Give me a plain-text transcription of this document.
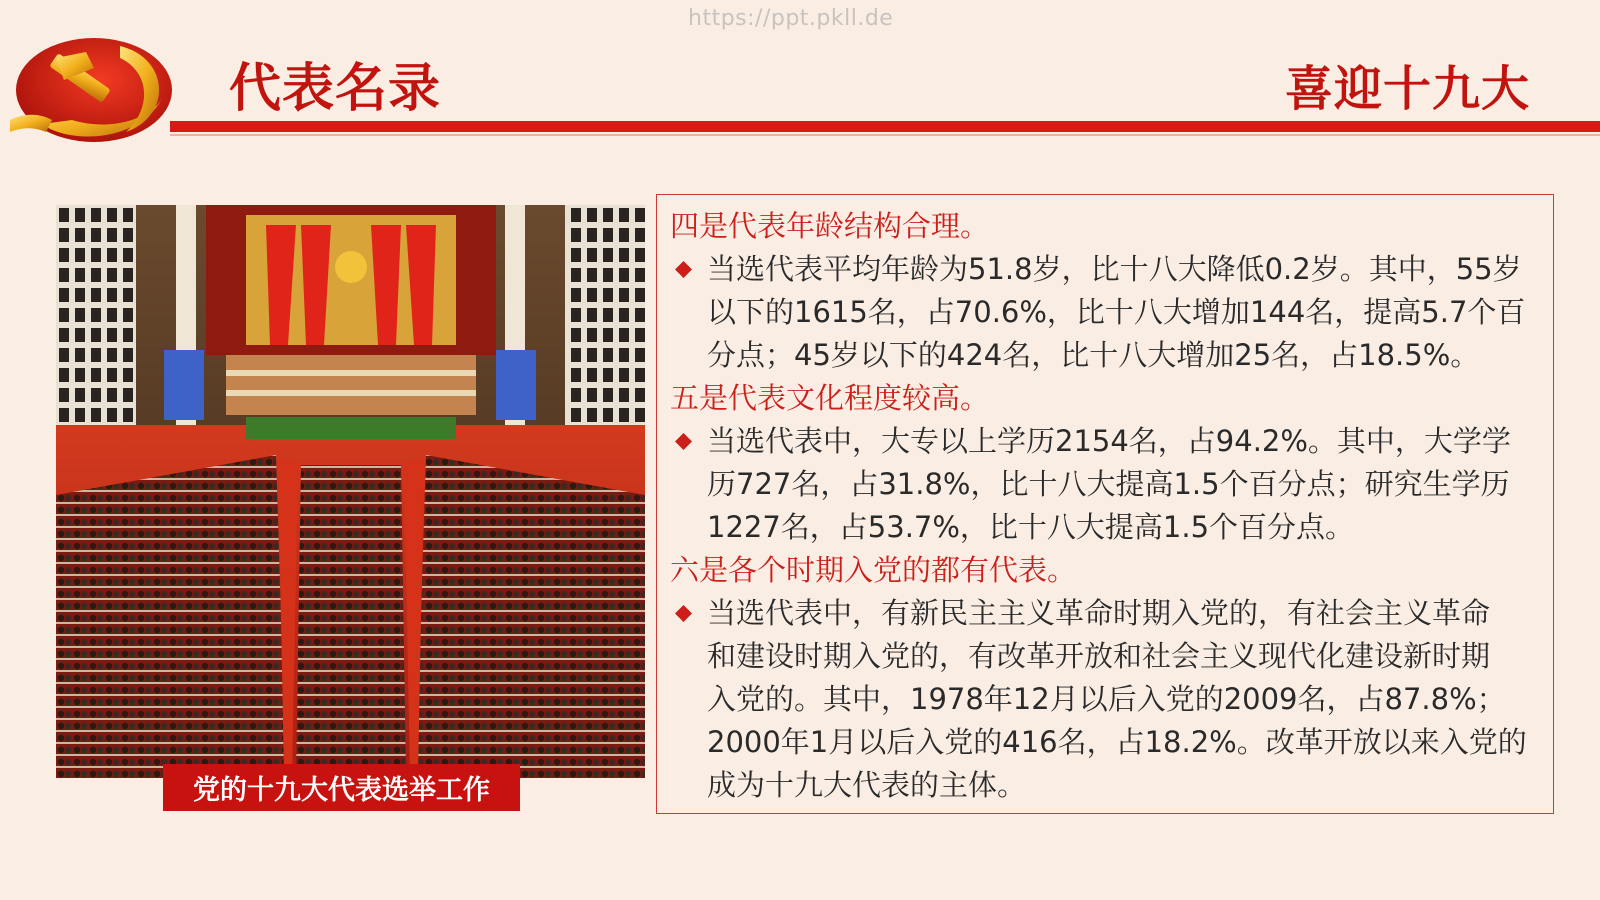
https://ppt.pkll.de
代表名录	喜迎十九大
党的十九大代表选举工作
四是代表年龄结构合理。
当选代表平均年龄为51.8岁，比十八大降低0.2岁。其中，55岁
以下的1615名，占70.6%，比十八大增加144名，提高5.7个百
分点；45岁以下的424名，比十八大增加25名，占18.5%。
五是代表文化程度较高。
当选代表中，大专以上学历2154名，占94.2%。其中，大学学
历727名，占31.8%，比十八大提高1.5个百分点；研究生学历
1227名，占53.7%，比十八大提高1.5个百分点。
六是各个时期入党的都有代表。
当选代表中，有新民主主义革命时期入党的，有社会主义革命
和建设时期入党的，有改革开放和社会主义现代化建设新时期
入党的。其中，1978年12月以后入党的2009名，占87.8%；
2000年1月以后入党的416名，占18.2%。改革开放以来入党的
成为十九大代表的主体。
